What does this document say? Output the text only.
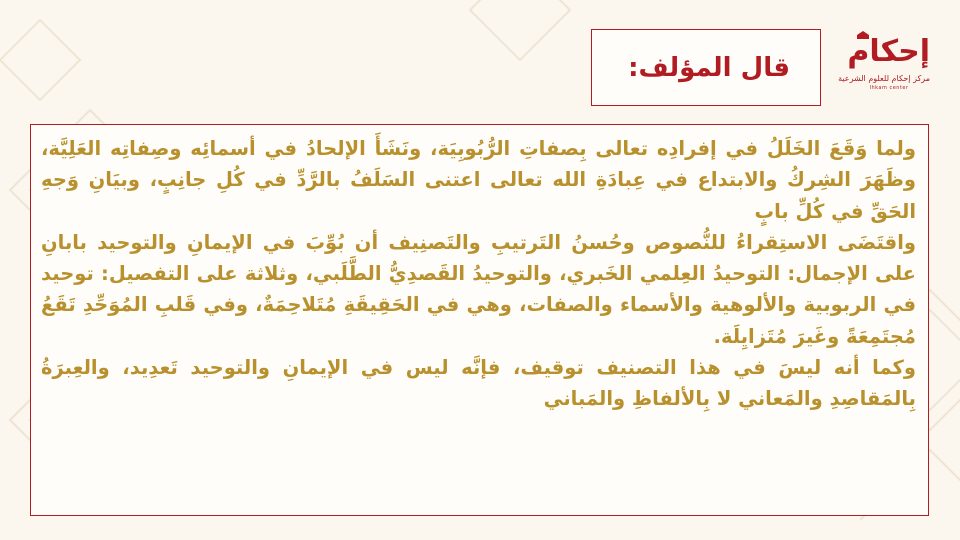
إحكام
مركز إحكام للعلوم الشرعية
Ihkam center
قال المؤلف:

ولما وَقَعَ الخَلَلُ في إفرادِه تعالى بِصفاتِ الرُّبُوبِيَة، ونَشَأَ الإلحادُ في أسمائِه وصِفاتِه العَلِيَّة، وظَهَرَ الشِركُ والابتداع في عِبادَةِ الله تعالى اعتنى السَلَفُ بالرَّدِّ في كُلِ جانِبٍ، وبيَانِ وَجهِ الحَقِّ في كُلِّ بابٍ

واقتَضَى الاستِقراءُ للنُّصوص وحُسنُ التَرتيبِ والتَصنِيف أن بُوِّبَ في الإيمانِ والتوحيد بابانِ على الإجمال: التوحيدُ العِلمي الخَبري، والتوحيدُ القَصدِيُّ الطَّلَبي، وثلاثة على التفصيل: توحيد في الربوبية والألوهية والأسماء والصفات، وهي في الحَقِيقَةِ مُتَلاحِمَةٌ، وفي قَلبِ المُوَحِّدِ تَقَعُ مُجتَمِعَةً وغَيرَ مُتَزايِلَة.

وكما أنه ليسَ في هذا التصنيف توقيف، فإنَّه ليس في الإيمانِ والتوحيد تَعدِيد، والعِبرَةُ بِالمَقاصِدِ والمَعاني لا بِالألفاظِ والمَباني
